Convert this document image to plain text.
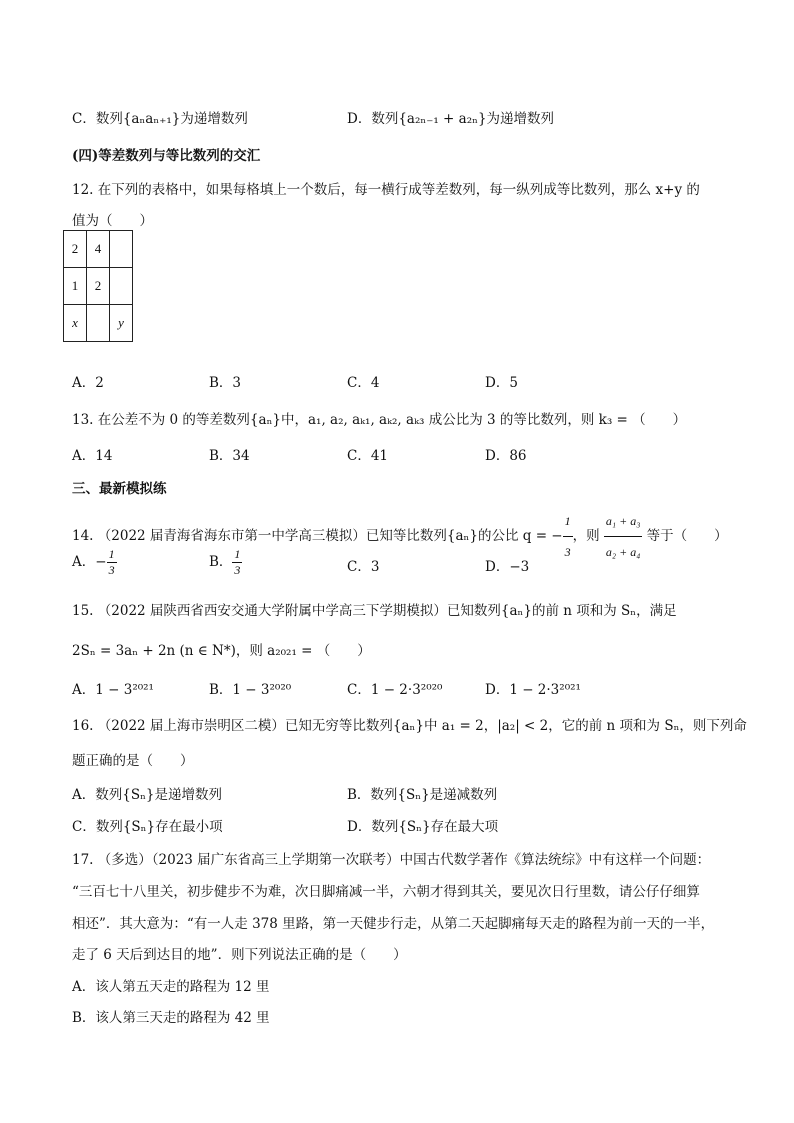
C．数列{aₙaₙ₊₁}为递增数列	D．数列{a₂ₙ₋₁ + a₂ₙ}为递增数列
(四)等差数列与等比数列的交汇
12. 在下列的表格中，如果每格填上一个数后，每一横行成等差数列，每一纵列成等比数列，那么 x+y 的
值为（　　）
2	4	
1	2	
x		y
A．2	B．3	C．4	D．5
13. 在公差不为 0 的等差数列{aₙ}中，a₁, a₂, aₖ₁, aₖ₂, aₖ₃ 成公比为 3 的等比数列，则 k₃ = （　　）
A．14	B．34	C．41	D．86
三、最新模拟练
14. （2022 届青海省海东市第一中学高三模拟）已知等比数列{aₙ}的公比 q = − $\frac{1}{3}$ ，则 $\frac{\text{a₁ + a₃}}{\text{a₂ + a₄}}$ 等于（　　）
A．− $\frac{1}{3}$	B． $\frac{1}{3}$	C．3	D．−3
15. （2022 届陕西省西安交通大学附属中学高三下学期模拟）已知数列{aₙ}的前 n 项和为 Sₙ，满足
2Sₙ = 3aₙ + 2n (n ∈ N*)，则 a₂₀₂₁ = （　　）
A．1 − 3²⁰²¹	B．1 − 3²⁰²⁰	C．1 − 2·3²⁰²⁰	D．1 − 2·3²⁰²¹
16. （2022 届上海市崇明区二模）已知无穷等比数列{aₙ}中 a₁ = 2，|a₂| < 2，它的前 n 项和为 Sₙ，则下列命
题正确的是（　　）
A．数列{Sₙ}是递增数列	B．数列{Sₙ}是递减数列
C．数列{Sₙ}存在最小项	D．数列{Sₙ}存在最大项
17. （多选）（2023 届广东省高三上学期第一次联考）中国古代数学著作《算法统综》中有这样一个问题：
“三百七十八里关，初步健步不为难，次日脚痛减一半，六朝才得到其关，要见次日行里数，请公仔仔细算
相还”．其大意为：“有一人走 378 里路，第一天健步行走，从第二天起脚痛每天走的路程为前一天的一半，
走了 6 天后到达目的地”．则下列说法正确的是（　　）
A．该人第五天走的路程为 12 里
B．该人第三天走的路程为 42 里
